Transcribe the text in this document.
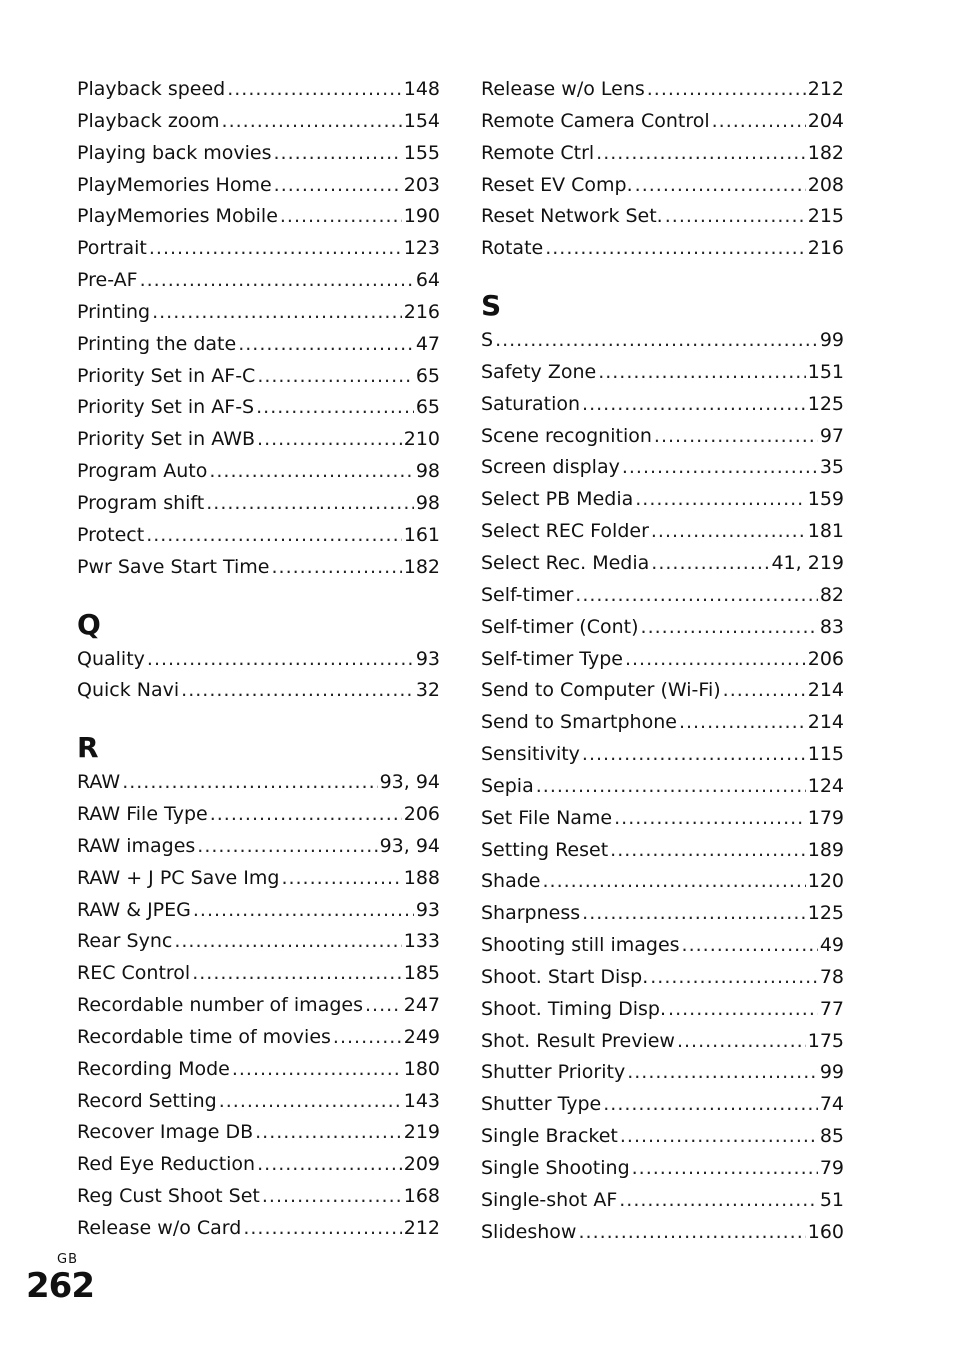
Playback speed .....	148
Playback zoom .....	154
Playing back movies .....	155
PlayMemories Home .....	203
PlayMemories Mobile .....	190
Portrait .....	123
Pre-AF .....	64
Printing .....	216
Printing the date .....	47
Priority Set in AF-C .....	65
Priority Set in AF-S .....	65
Priority Set in AWB .....	210
Program Auto .....	98
Program shift .....	98
Protect .....	161
Pwr Save Start Time .....	182
Q
Quality .....	93
Quick Navi .....	32
R
RAW .....	93, 94
RAW File Type .....	206
RAW images .....	93, 94
RAW + J PC Save Img .....	188
RAW & JPEG .....	93
Rear Sync .....	133
REC Control .....	185
Recordable number of images ..... 247
Recordable time of movies .....	249
Recording Mode .....	180
Record Setting .....	143
Recover Image DB .....	219
Red Eye Reduction .....	209
Reg Cust Shoot Set .....	168
Release w/o Card .....	212
Release w/o Lens .....	212
Remote Camera Control .....	204
Remote Ctrl .....	182
Reset EV Comp. .....	208
Reset Network Set. .....	215
Rotate .....	216
S
S .....	99
Safety Zone .....	151
Saturation .....	125
Scene recognition .....	97
Screen display .....	35
Select PB Media .....	159
Select REC Folder .....	181
Select Rec. Media .....	41, 219
Self-timer .....	82
Self-timer (Cont) .....	83
Self-timer Type .....	206
Send to Computer (Wi-Fi) .....	214
Send to Smartphone .....	214
Sensitivity .....	115
Sepia .....	124
Set File Name .....	179
Setting Reset .....	189
Shade .....	120
Sharpness .....	125
Shooting still images .....	49
Shoot. Start Disp. .....	78
Shoot. Timing Disp. .....	77
Shot. Result Preview .....	175
Shutter Priority .....	99
Shutter Type .....	74
Single Bracket .....	85
Single Shooting .....	79
Single-shot AF .....	51
Slideshow .....	160
GB
262
